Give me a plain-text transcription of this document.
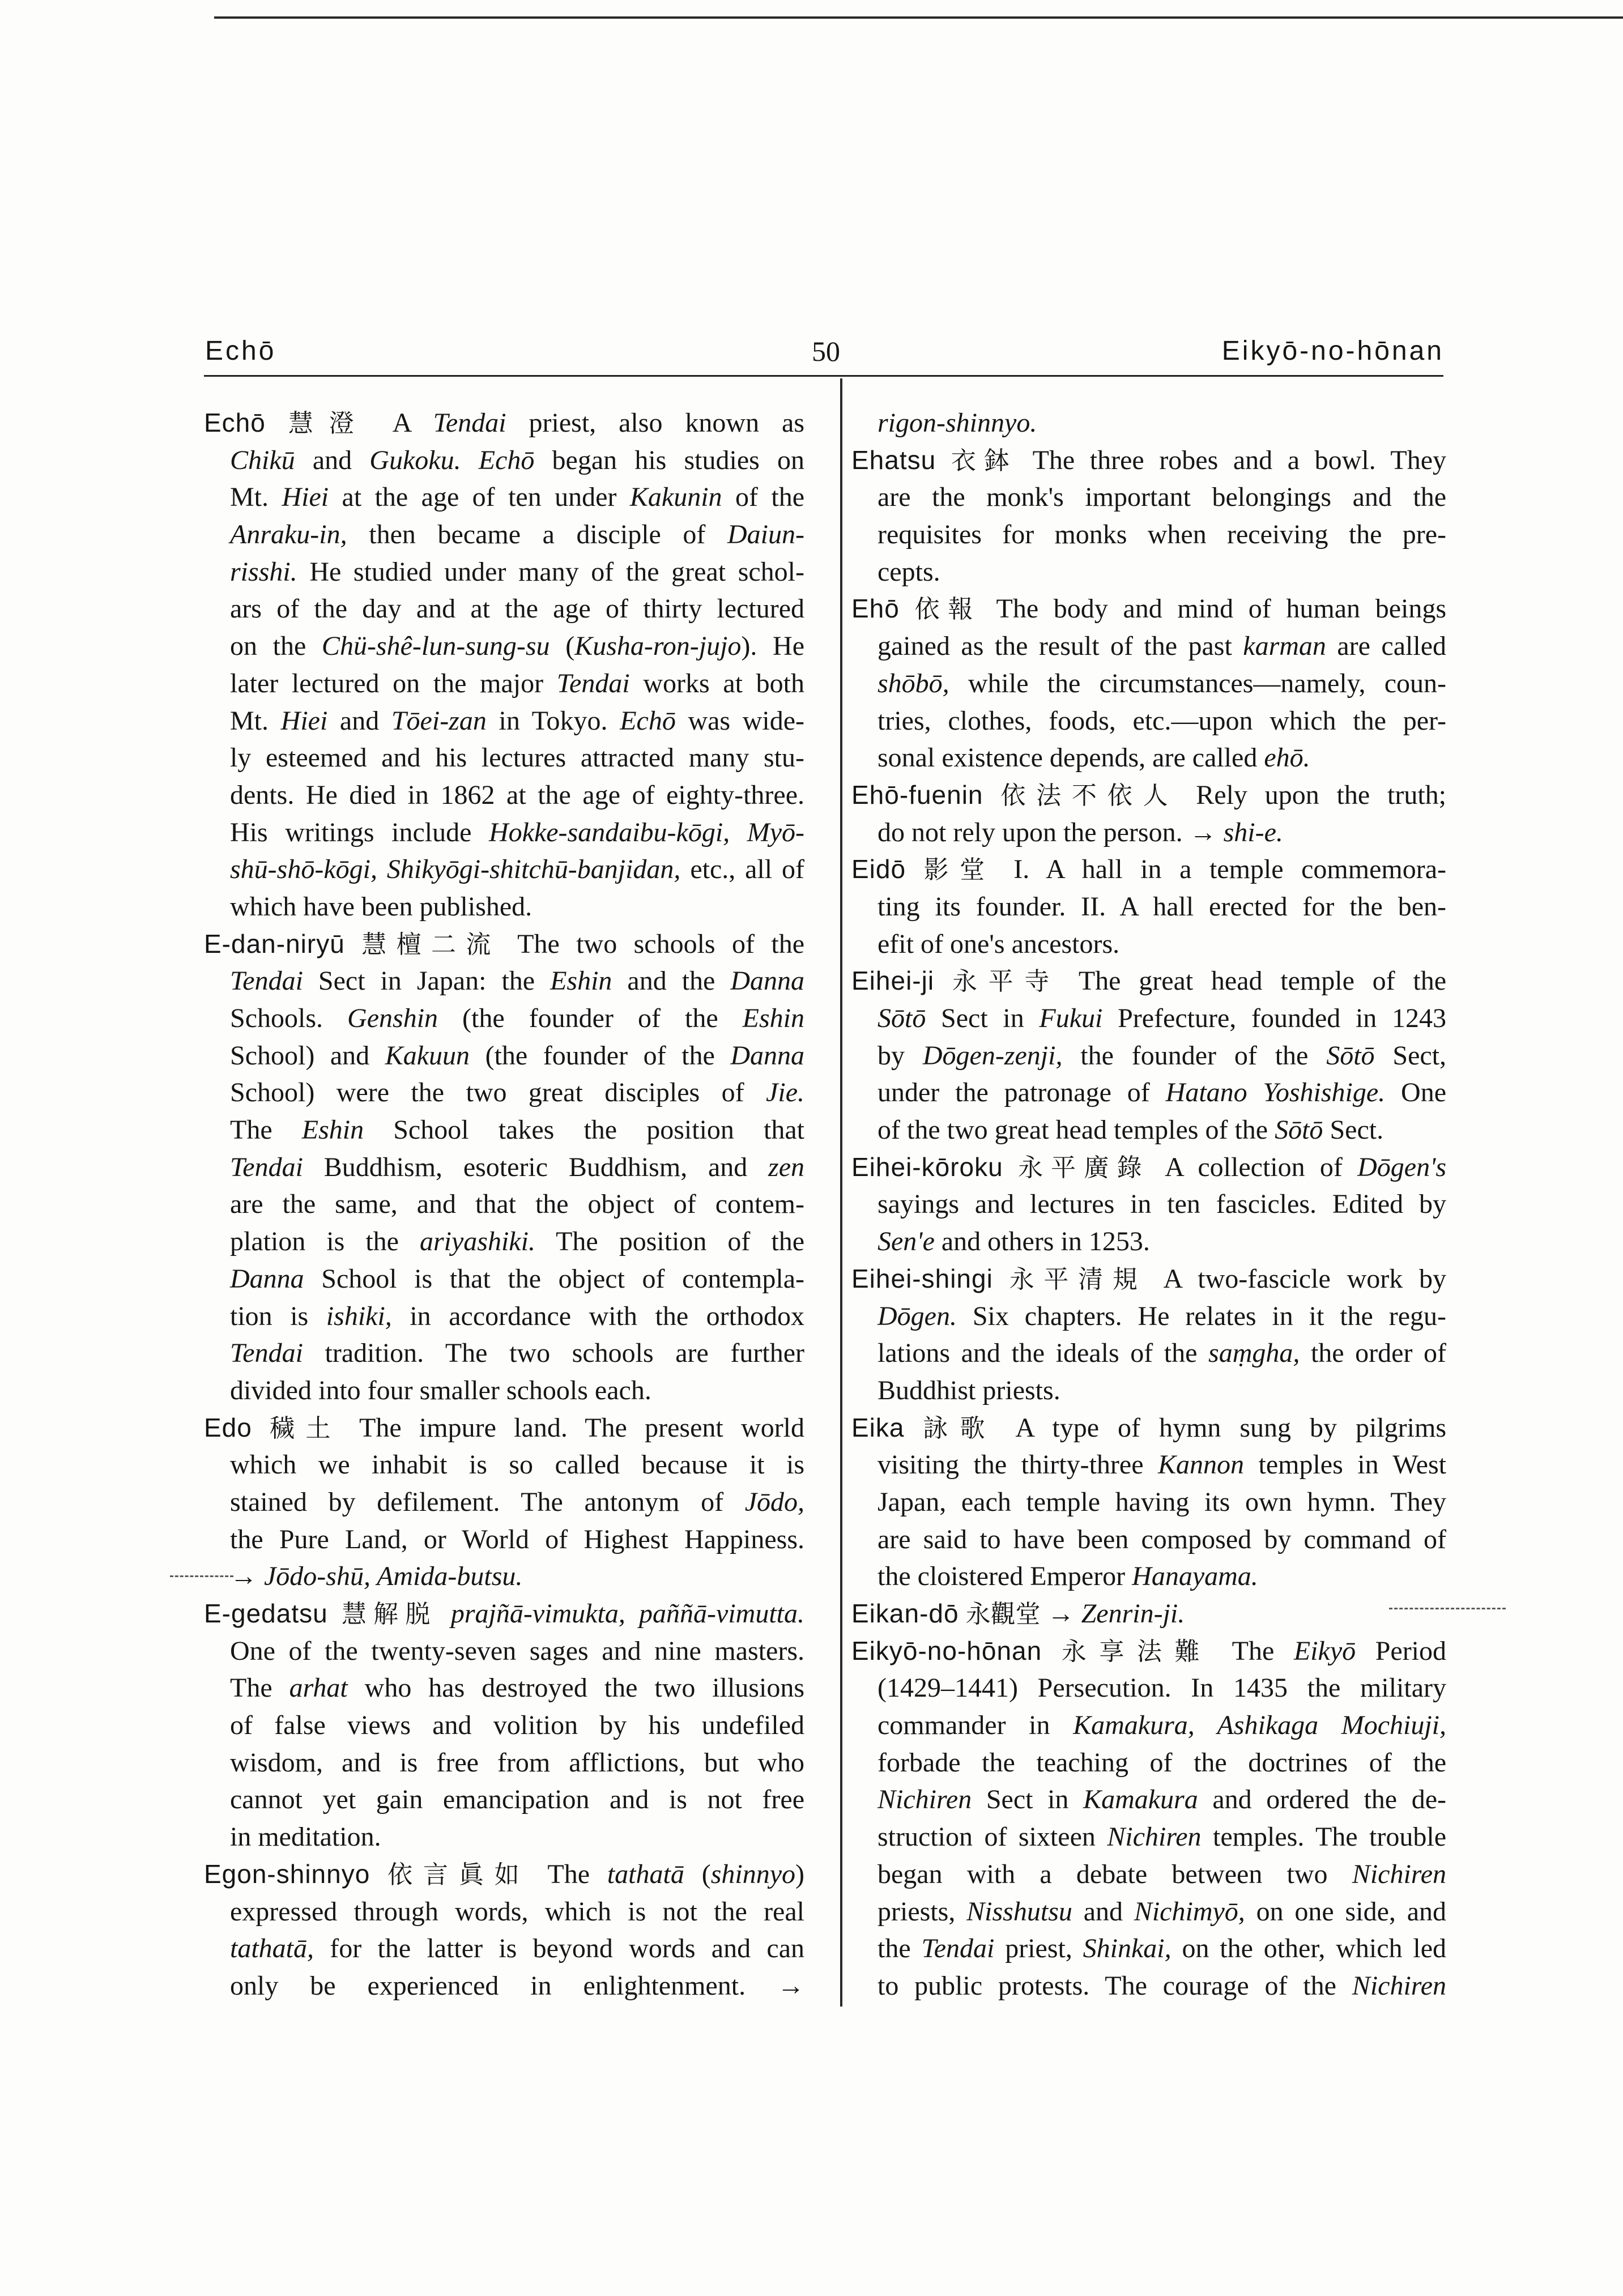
Echō	50	Eikyō-no-hōnan
Echō 慧澄 A Tendai priest, also known as
Chikū and Gukoku. Echō began his studies on
Mt. Hiei at the age of ten under Kakunin of the
Anraku-in, then became a disciple of Daiun-
risshi. He studied under many of the great schol-
ars of the day and at the age of thirty lectured
on the Chü-shê-lun-sung-su (Kusha-ron-jujo). He
later lectured on the major Tendai works at both
Mt. Hiei and Tōei-zan in Tokyo. Echō was wide-
ly esteemed and his lectures attracted many stu-
dents. He died in 1862 at the age of eighty-three.
His writings include Hokke-sandaibu-kōgi, Myō-
shū-shō-kōgi, Shikyōgi-shitchū-banjidan, etc., all of
which have been published.
E-dan-niryū 慧檀二流 The two schools of the
Tendai Sect in Japan: the Eshin and the Danna
Schools. Genshin (the founder of the Eshin
School) and Kakuun (the founder of the Danna
School) were the two great disciples of Jie.
The Eshin School takes the position that
Tendai Buddhism, esoteric Buddhism, and zen
are the same, and that the object of contem-
plation is the ariyashiki. The position of the
Danna School is that the object of contempla-
tion is ishiki, in accordance with the orthodox
Tendai tradition. The two schools are further
divided into four smaller schools each.
Edo 穢土 The impure land. The present world
which we inhabit is so called because it is
stained by defilement. The antonym of Jōdo,
the Pure Land, or World of Highest Happiness.
→ Jōdo-shū, Amida-butsu.
E-gedatsu 慧解脱 prajñā-vimukta, paññā-vimutta.
One of the twenty-seven sages and nine masters.
The arhat who has destroyed the two illusions
of false views and volition by his undefiled
wisdom, and is free from afflictions, but who
cannot yet gain emancipation and is not free
in meditation.
Egon-shinnyo 依言眞如 The tathatā (shinnyo)
expressed through words, which is not the real
tathatā, for the latter is beyond words and can
only be experienced in enlightenment. →
rigon-shinnyo.
Ehatsu 衣鉢 The three robes and a bowl. They
are the monk's important belongings and the
requisites for monks when receiving the pre-
cepts.
Ehō 依報 The body and mind of human beings
gained as the result of the past karman are called
shōbō, while the circumstances—namely, coun-
tries, clothes, foods, etc.—upon which the per-
sonal existence depends, are called ehō.
Ehō-fuenin 依法不依人 Rely upon the truth;
do not rely upon the person. → shi-e.
Eidō 影堂 I. A hall in a temple commemora-
ting its founder. II. A hall erected for the ben-
efit of one's ancestors.
Eihei-ji 永平寺 The great head temple of the
Sōtō Sect in Fukui Prefecture, founded in 1243
by Dōgen-zenji, the founder of the Sōtō Sect,
under the patronage of Hatano Yoshishige. One
of the two great head temples of the Sōtō Sect.
Eihei-kōroku 永平廣錄 A collection of Dōgen's
sayings and lectures in ten fascicles. Edited by
Sen'e and others in 1253.
Eihei-shingi 永平清規 A two-fascicle work by
Dōgen. Six chapters. He relates in it the regu-
lations and the ideals of the saṃgha, the order of
Buddhist priests.
Eika 詠歌 A type of hymn sung by pilgrims
visiting the thirty-three Kannon temples in West
Japan, each temple having its own hymn. They
are said to have been composed by command of
the cloistered Emperor Hanayama.
Eikan-dō 永觀堂 → Zenrin-ji.
Eikyō-no-hōnan 永享法難 The Eikyō Period
(1429–1441) Persecution. In 1435 the military
commander in Kamakura, Ashikaga Mochiuji,
forbade the teaching of the doctrines of the
Nichiren Sect in Kamakura and ordered the de-
struction of sixteen Nichiren temples. The trouble
began with a debate between two Nichiren
priests, Nisshutsu and Nichimyō, on one side, and
the Tendai priest, Shinkai, on the other, which led
to public protests. The courage of the Nichiren
